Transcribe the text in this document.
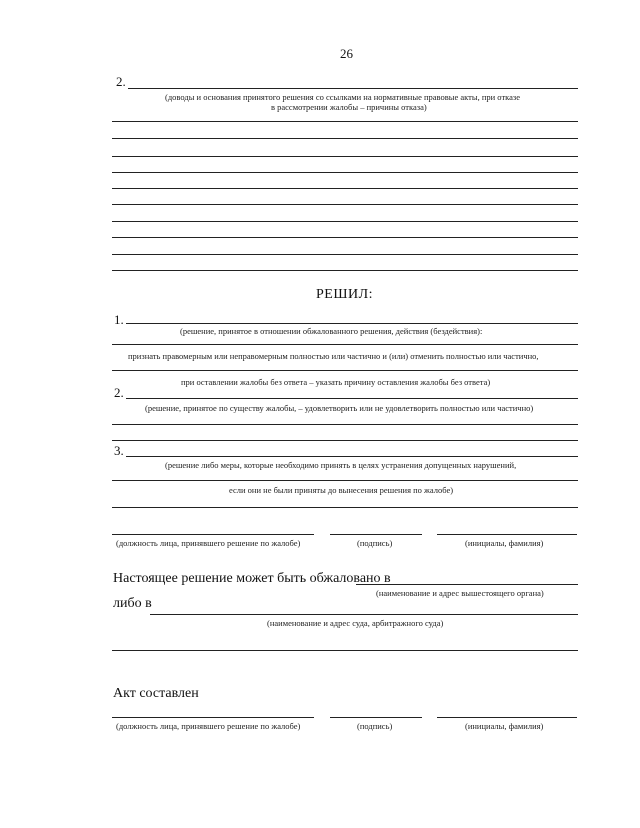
26
2.
(доводы и основания принятого решения со ссылками на нормативные правовые акты, при отказе
в рассмотрении жалобы – причины отказа)
РЕШИЛ:
1.
(решение, принятое в отношении обжалованного решения, действия (бездействия):
признать правомерным или неправомерным полностью или частично и (или) отменить полностью или частично,
при оставлении жалобы без ответа – указать причину оставления жалобы без ответа)
2.
(решение, принятое по существу жалобы, – удовлетворить или не удовлетворить полностью или частично)
3.
(решение либо меры, которые необходимо принять в целях устранения допущенных нарушений,
если они не были приняты до вынесения решения по жалобе)
(должность лица, принявшего решение по жалобе)	(подпись)	(инициалы, фамилия)
Настоящее решение может быть обжаловано в
(наименование и адрес вышестоящего органа)
либо в
(наименование и адрес суда, арбитражного суда)
Акт составлен
(должность лица, принявшего решение по жалобе)	(подпись)	(инициалы, фамилия)
